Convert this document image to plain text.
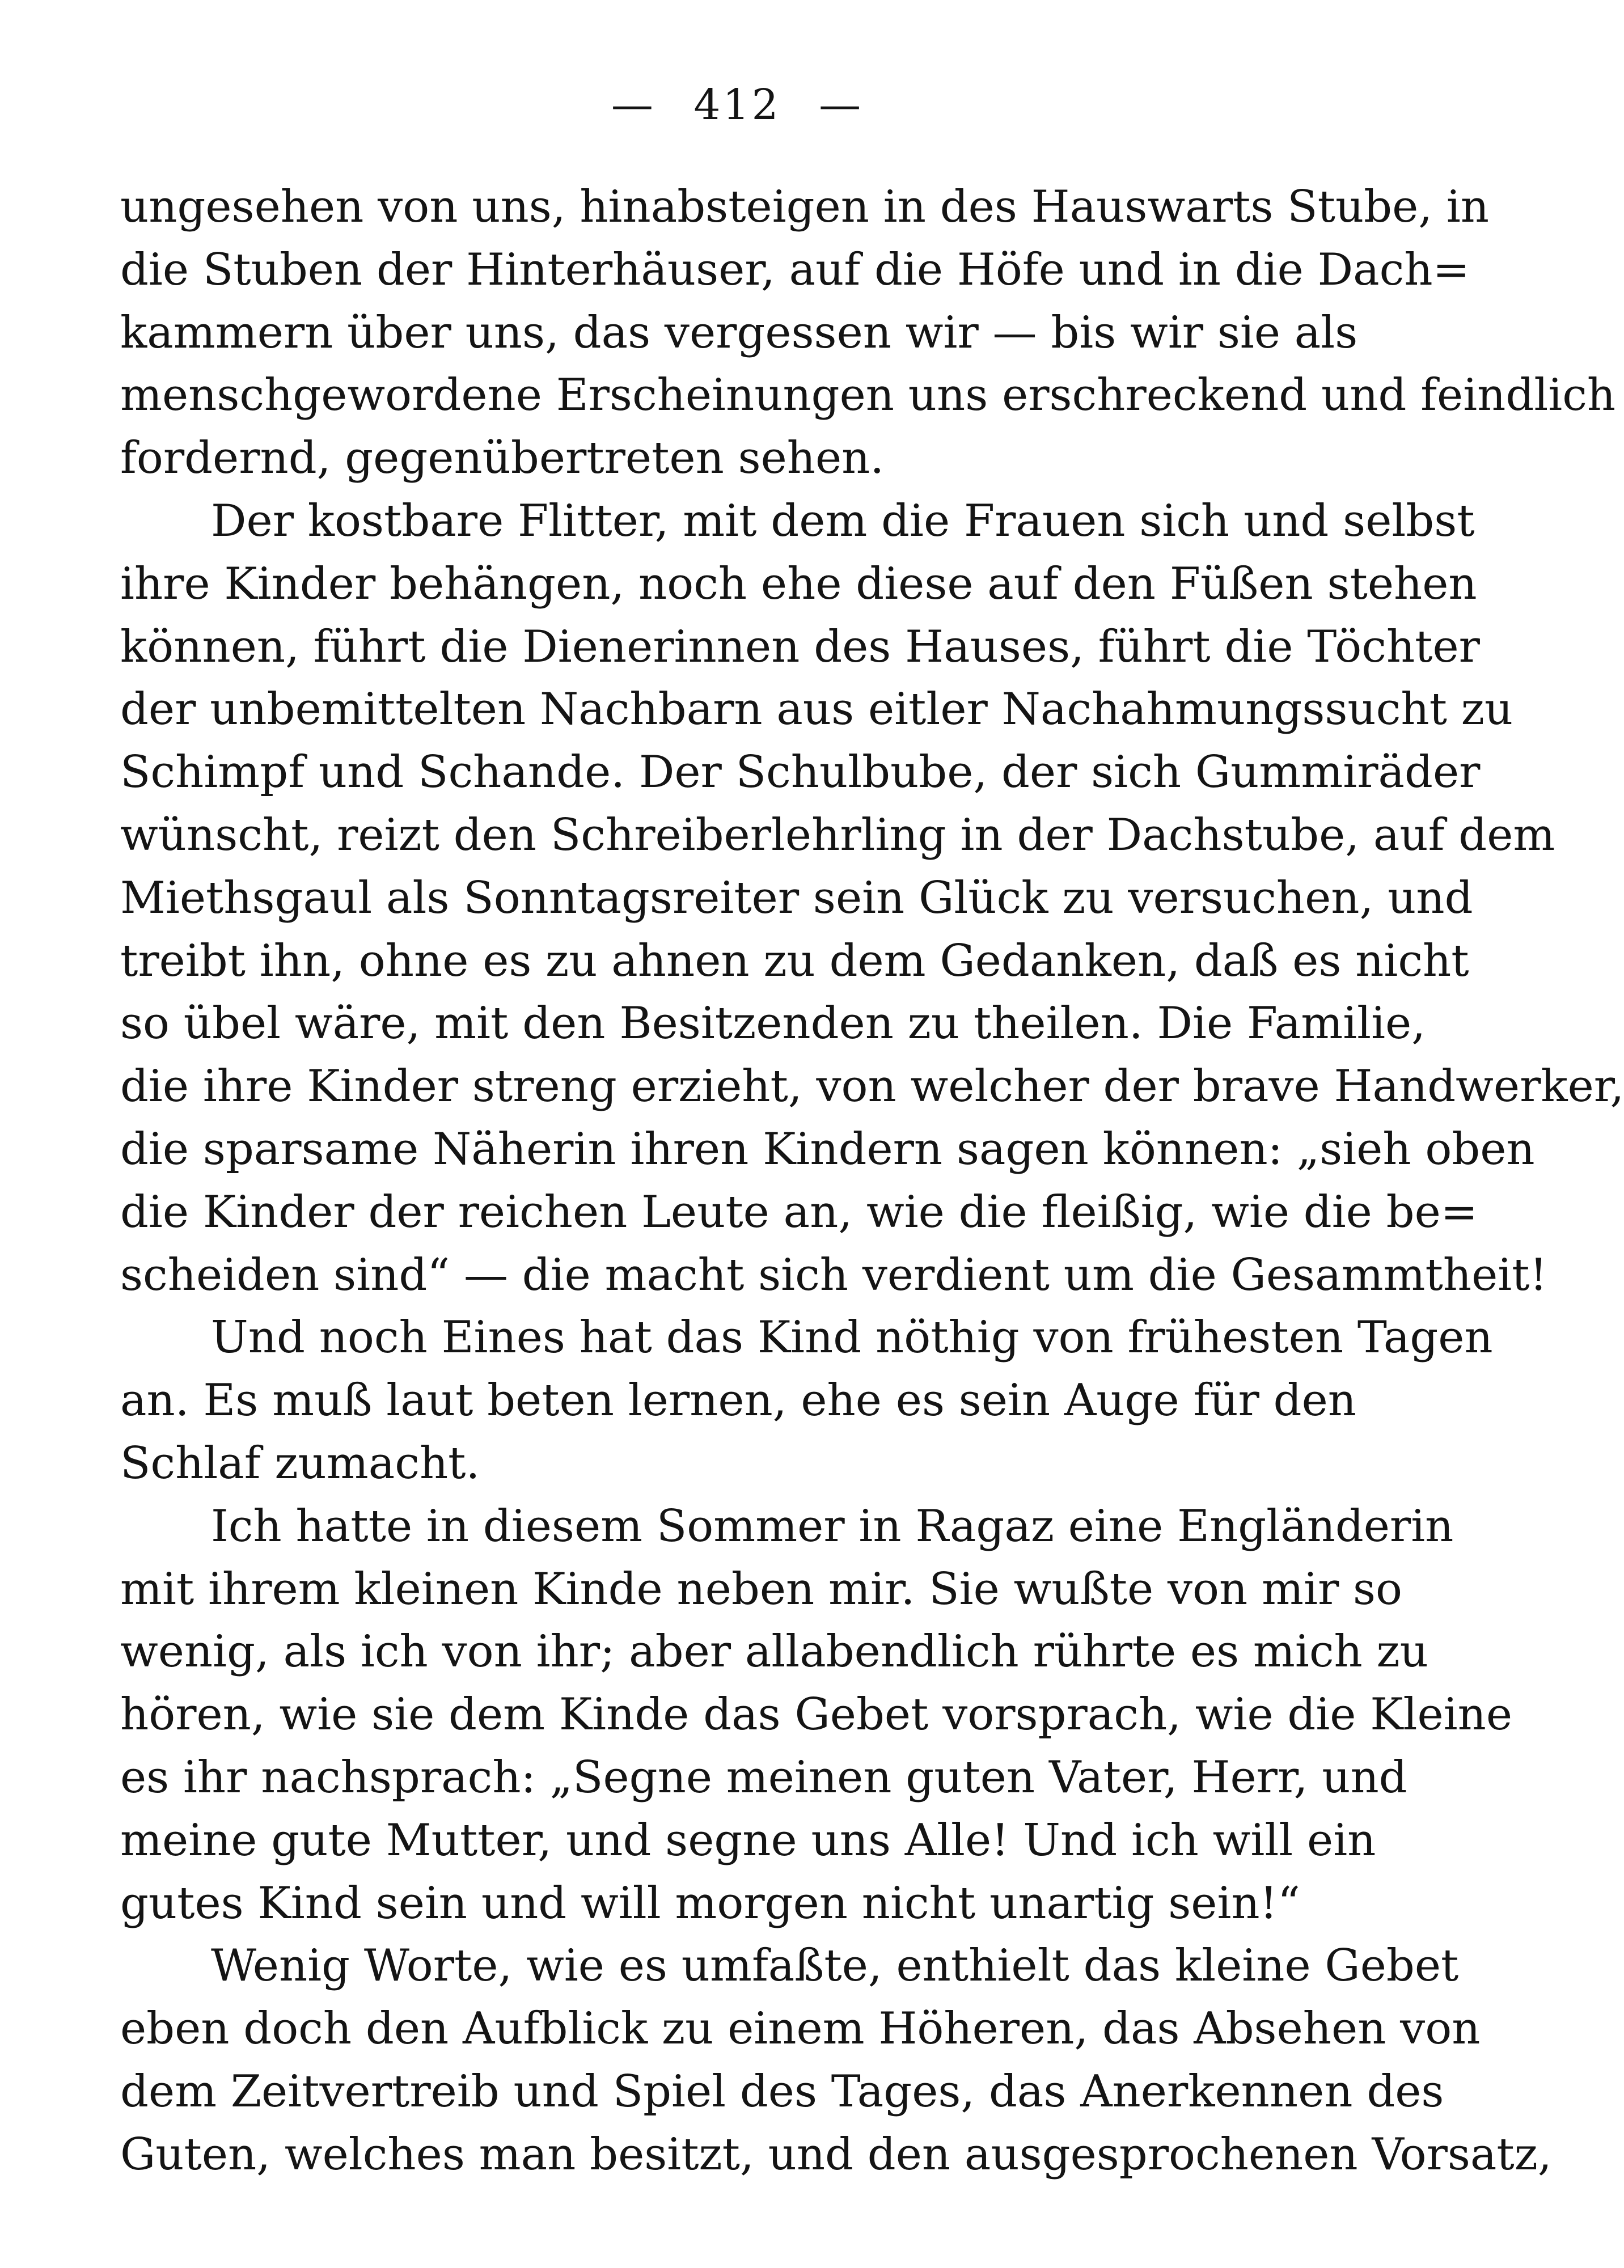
— 412 —
ungesehen von uns, hinabsteigen in des Hauswarts Stube, in
die Stuben der Hinterhäuser, auf die Höfe und in die Dach=
kammern über uns, das vergessen wir — bis wir sie als
menschgewordene Erscheinungen uns erschreckend und feindlich
fordernd, gegenübertreten sehen.
Der kostbare Flitter, mit dem die Frauen sich und selbst
ihre Kinder behängen, noch ehe diese auf den Füßen stehen
können, führt die Dienerinnen des Hauses, führt die Töchter
der unbemittelten Nachbarn aus eitler Nachahmungssucht zu
Schimpf und Schande. Der Schulbube, der sich Gummiräder
wünscht, reizt den Schreiberlehrling in der Dachstube, auf dem
Miethsgaul als Sonntagsreiter sein Glück zu versuchen, und
treibt ihn, ohne es zu ahnen zu dem Gedanken, daß es nicht
so übel wäre, mit den Besitzenden zu theilen. Die Familie,
die ihre Kinder streng erzieht, von welcher der brave Handwerker,
die sparsame Näherin ihren Kindern sagen können: „sieh oben
die Kinder der reichen Leute an, wie die fleißig, wie die be=
scheiden sind“ — die macht sich verdient um die Gesammtheit!
Und noch Eines hat das Kind nöthig von frühesten Tagen
an. Es muß laut beten lernen, ehe es sein Auge für den
Schlaf zumacht.
Ich hatte in diesem Sommer in Ragaz eine Engländerin
mit ihrem kleinen Kinde neben mir. Sie wußte von mir so
wenig, als ich von ihr; aber allabendlich rührte es mich zu
hören, wie sie dem Kinde das Gebet vorsprach, wie die Kleine
es ihr nachsprach: „Segne meinen guten Vater, Herr, und
meine gute Mutter, und segne uns Alle! Und ich will ein
gutes Kind sein und will morgen nicht unartig sein!“
Wenig Worte, wie es umfaßte, enthielt das kleine Gebet
eben doch den Aufblick zu einem Höheren, das Absehen von
dem Zeitvertreib und Spiel des Tages, das Anerkennen des
Guten, welches man besitzt, und den ausgesprochenen Vorsatz,
